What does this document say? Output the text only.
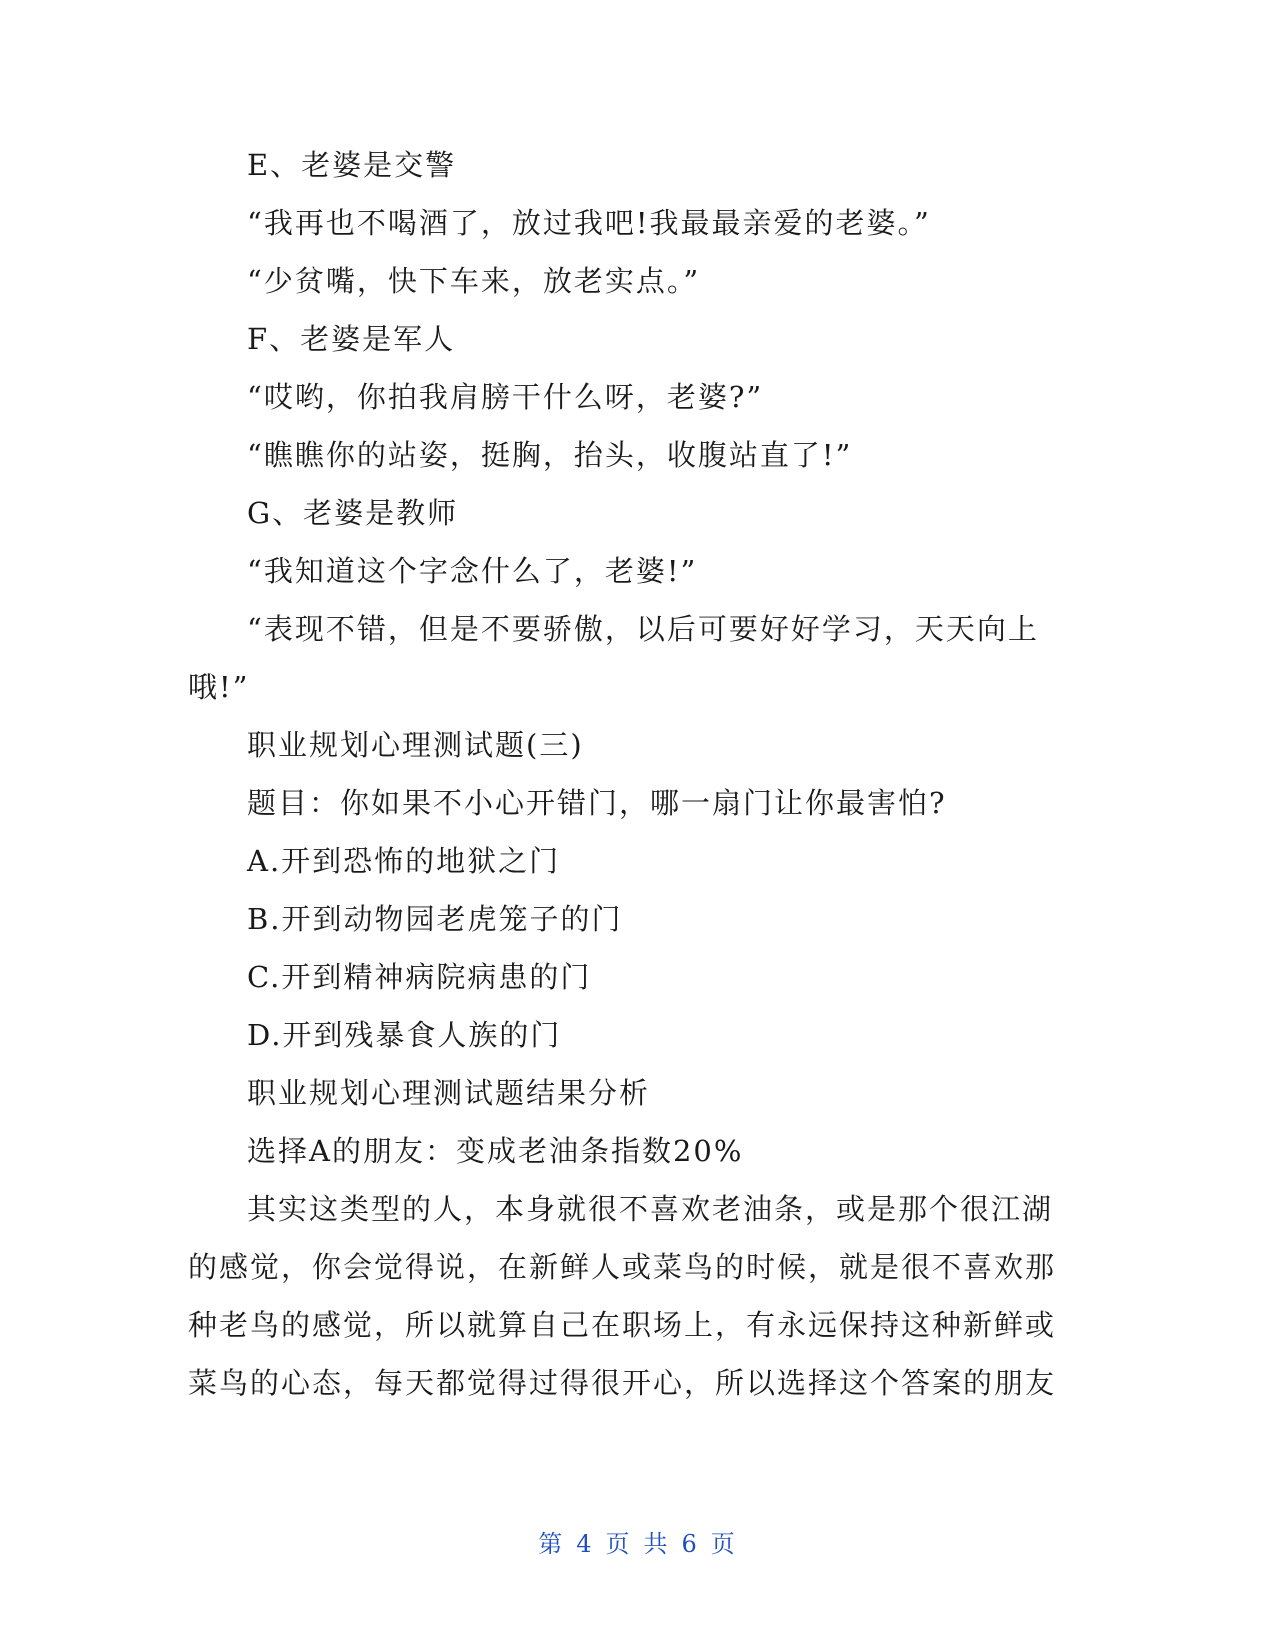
E、老婆是交警
“我再也不喝酒了，放过我吧!我最最亲爱的老婆。”
“少贫嘴，快下车来，放老实点。”
F、老婆是军人
“哎哟，你拍我肩膀干什么呀，老婆?”
“瞧瞧你的站姿，挺胸，抬头，收腹站直了!”
G、老婆是教师
“我知道这个字念什么了，老婆!”
“表现不错，但是不要骄傲，以后可要好好学习，天天向上
哦!”
职业规划心理测试题(三)
题目：你如果不小心开错门，哪一扇门让你最害怕?
A.开到恐怖的地狱之门
B.开到动物园老虎笼子的门
C.开到精神病院病患的门
D.开到残暴食人族的门
职业规划心理测试题结果分析
选择A的朋友：变成老油条指数20%
其实这类型的人，本身就很不喜欢老油条，或是那个很江湖
的感觉，你会觉得说，在新鲜人或菜鸟的时候，就是很不喜欢那
种老鸟的感觉，所以就算自己在职场上，有永远保持这种新鲜或
菜鸟的心态，每天都觉得过得很开心，所以选择这个答案的朋友
第 4 页 共 6 页
